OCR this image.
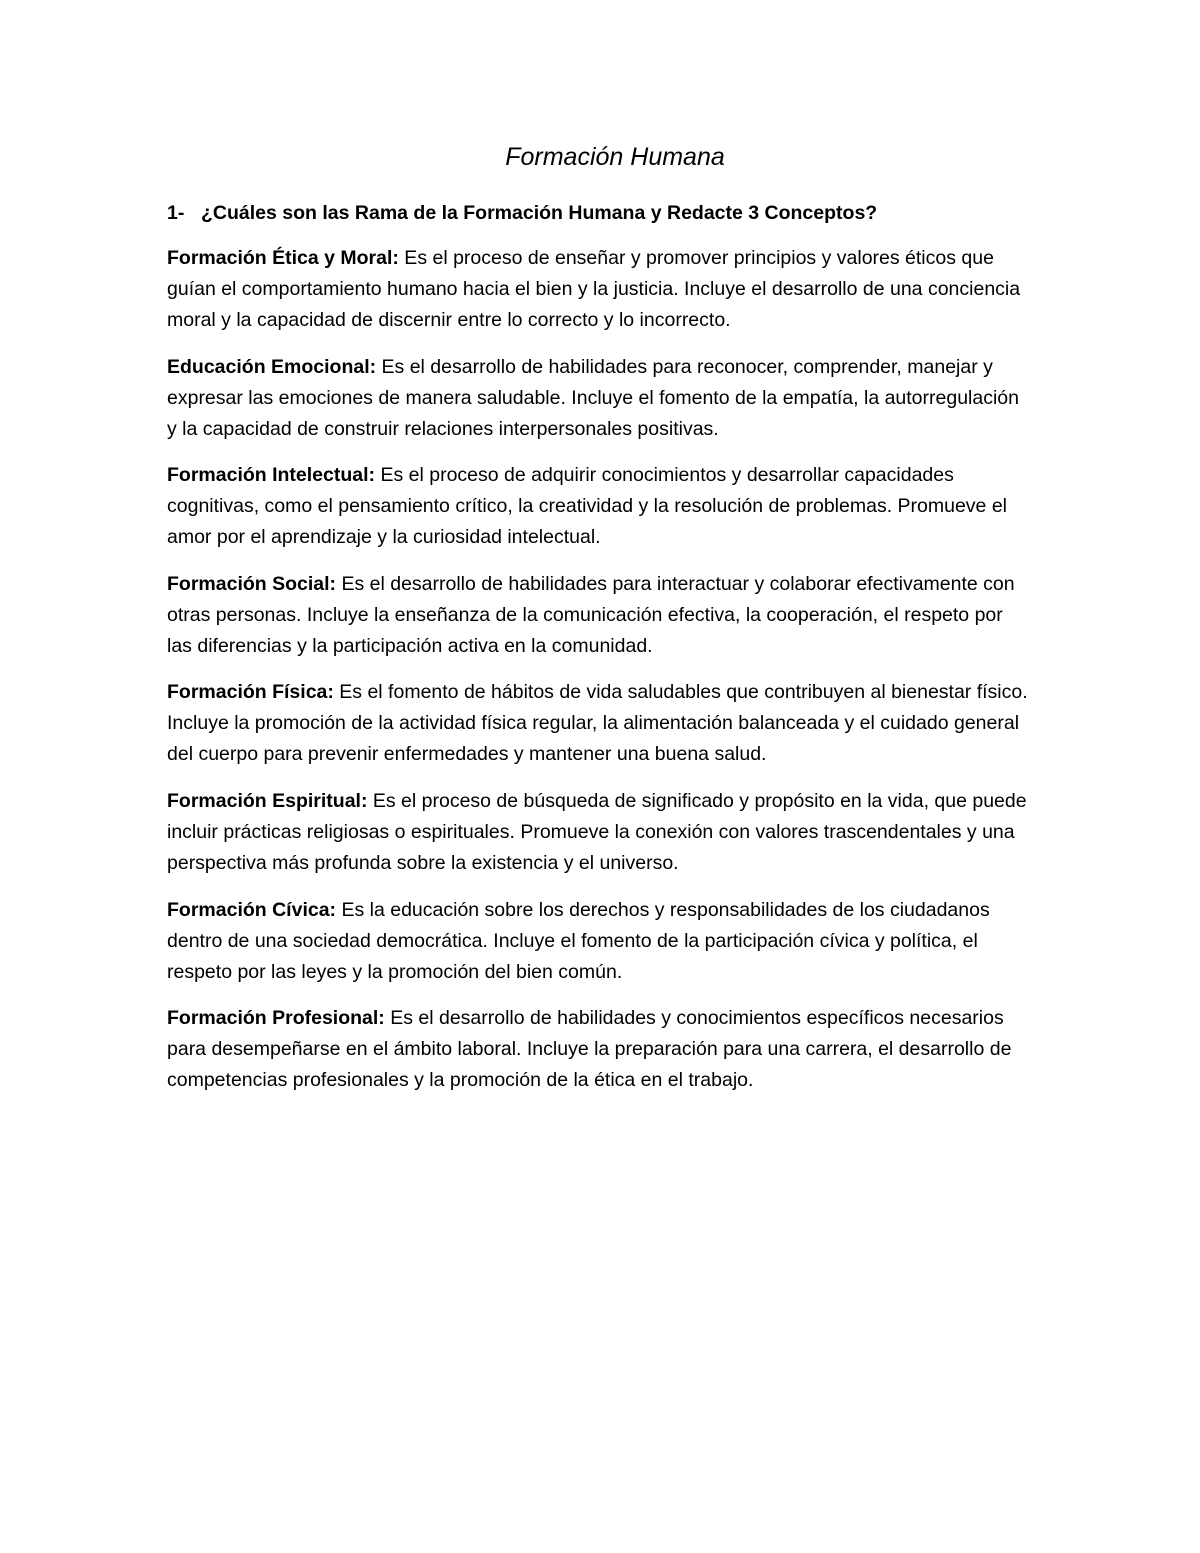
Formación Humana

1- ¿Cuáles son las Rama de la Formación Humana y Redacte 3 Conceptos?

Formación Ética y Moral: Es el proceso de enseñar y promover principios y valores éticos que guían el comportamiento humano hacia el bien y la justicia. Incluye el desarrollo de una conciencia moral y la capacidad de discernir entre lo correcto y lo incorrecto.

Educación Emocional: Es el desarrollo de habilidades para reconocer, comprender, manejar y expresar las emociones de manera saludable. Incluye el fomento de la empatía, la autorregulación y la capacidad de construir relaciones interpersonales positivas.

Formación Intelectual: Es el proceso de adquirir conocimientos y desarrollar capacidades cognitivas, como el pensamiento crítico, la creatividad y la resolución de problemas. Promueve el amor por el aprendizaje y la curiosidad intelectual.

Formación Social: Es el desarrollo de habilidades para interactuar y colaborar efectivamente con otras personas. Incluye la enseñanza de la comunicación efectiva, la cooperación, el respeto por las diferencias y la participación activa en la comunidad.

Formación Física: Es el fomento de hábitos de vida saludables que contribuyen al bienestar físico. Incluye la promoción de la actividad física regular, la alimentación balanceada y el cuidado general del cuerpo para prevenir enfermedades y mantener una buena salud.

Formación Espiritual: Es el proceso de búsqueda de significado y propósito en la vida, que puede incluir prácticas religiosas o espirituales. Promueve la conexión con valores trascendentales y una perspectiva más profunda sobre la existencia y el universo.

Formación Cívica: Es la educación sobre los derechos y responsabilidades de los ciudadanos dentro de una sociedad democrática. Incluye el fomento de la participación cívica y política, el respeto por las leyes y la promoción del bien común.

Formación Profesional: Es el desarrollo de habilidades y conocimientos específicos necesarios para desempeñarse en el ámbito laboral. Incluye la preparación para una carrera, el desarrollo de competencias profesionales y la promoción de la ética en el trabajo.
